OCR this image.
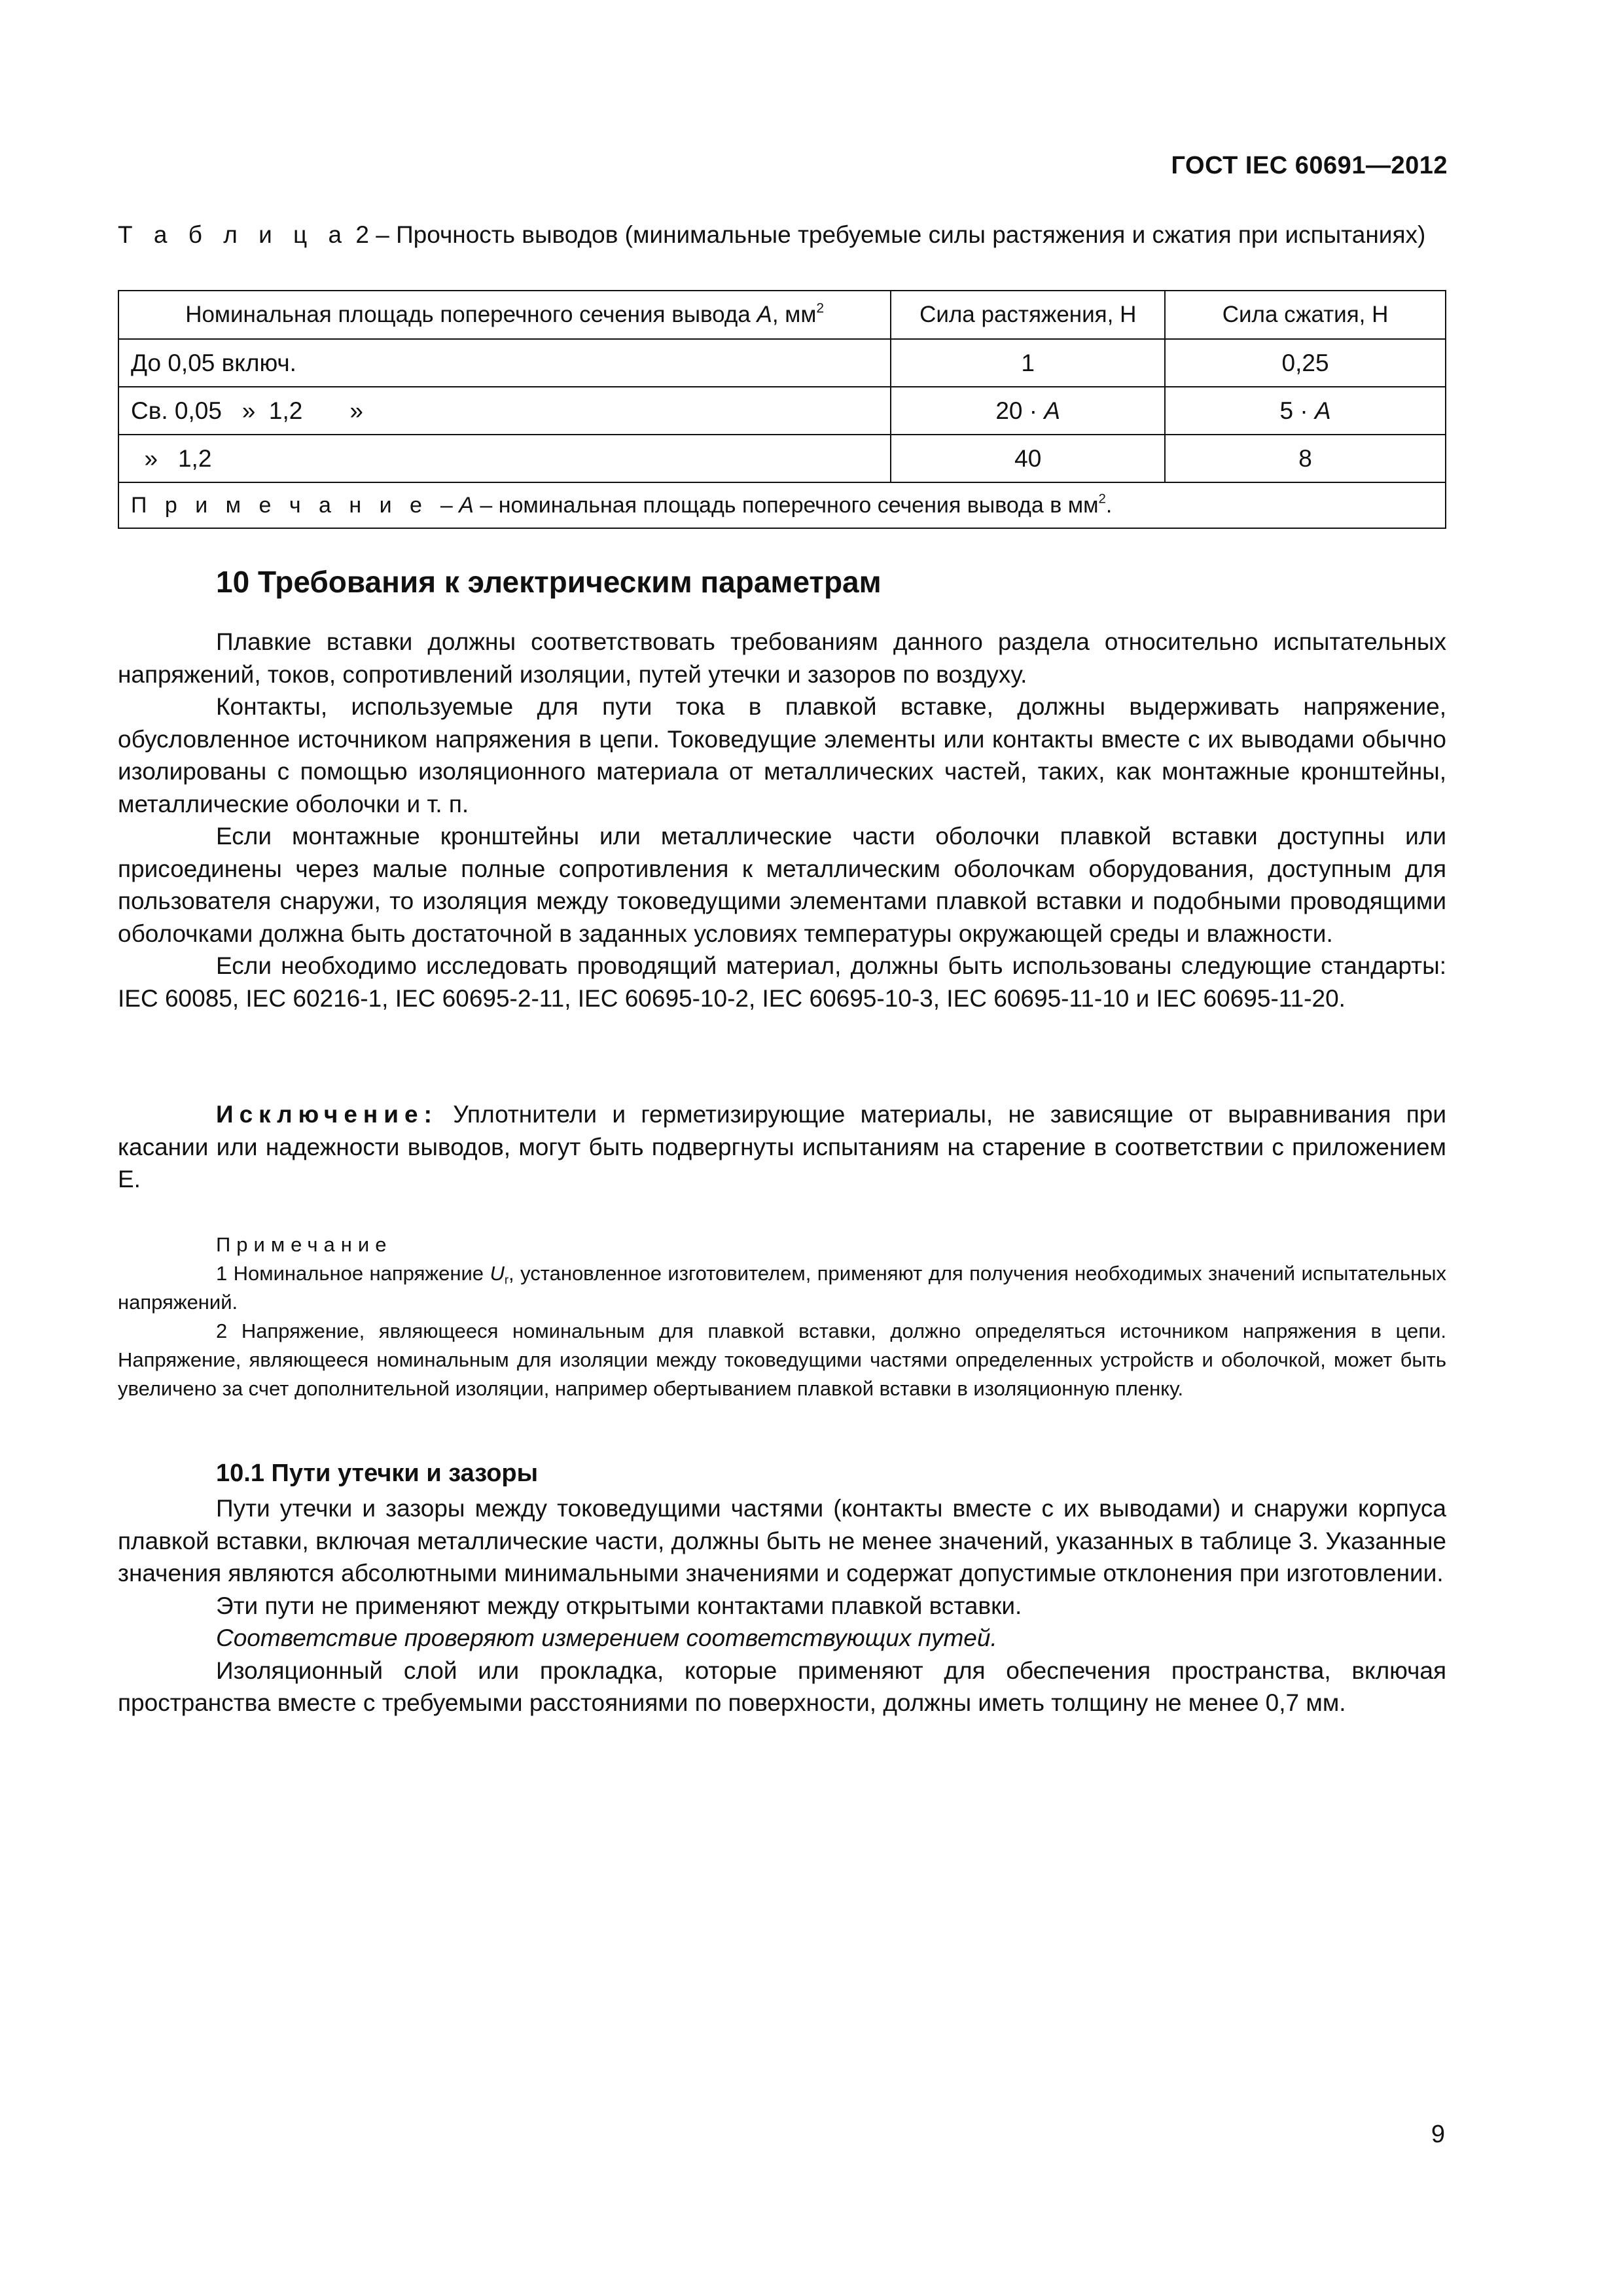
ГОСТ IEC 60691—2012
Т а б л и ц а 2 – Прочность выводов (минимальные требуемые силы растяжения и сжатия при испытаниях)
Номинальная площадь поперечного сечения вывода А, $мм^2$	Сила растяжения, Н	Сила сжатия, Н
До 0,05 включ.	1	0,25
Св. 0,05   »  1,2       »	20 · А	5 · А
»   1,2	40	8
П р и м е ч а н и е  – А – номинальная площадь поперечного сечения вывода в $мм^2$.		
10 Требования к электрическим параметрам

Плавкие вставки должны соответствовать требованиям данного раздела относительно испытательных напряжений, токов, сопротивлений изоляции, путей утечки и зазоров по воздуху.

Контакты, используемые для пути тока в плавкой вставке, должны выдерживать напряжение, обусловленное источником напряжения в цепи. Токоведущие элементы или контакты вместе с их выводами обычно изолированы с помощью изоляционного материала от металлических частей, таких, как монтажные кронштейны, металлические оболочки и т. п.

Если монтажные кронштейны или металлические части оболочки плавкой вставки доступны или присоединены через малые полные сопротивления к металлическим оболочкам оборудования, доступным для пользователя снаружи, то изоляция между токоведущими элементами плавкой вставки и подобными проводящими оболочками должна быть достаточной в заданных условиях температуры окружающей среды и влажности.

Если необходимо исследовать проводящий материал, должны быть использованы следующие стандарты: IEC 60085, IEC 60216-1, IEC 60695-2-11, IEC 60695-10-2, IEC 60695-10-3, IEC 60695-11-10 и IEC 60695-11-20.

Исключение: Уплотнители и герметизирующие материалы, не зависящие от выравнивания при касании или надежности выводов, могут быть подвергнуты испытаниям на старение в соответствии с приложением Е.

Примечание

1 Номинальное напряжение $U_r$, установленное изготовителем, применяют для получения необходимых значений испытательных напряжений.

2 Напряжение, являющееся номинальным для плавкой вставки, должно определяться источником напряжения в цепи. Напряжение, являющееся номинальным для изоляции между токоведущими частями определенных устройств и оболочкой, может быть увеличено за счет дополнительной изоляции, например обертыванием плавкой вставки в изоляционную пленку.

10.1 Пути утечки и зазоры

Пути утечки и зазоры между токоведущими частями (контакты вместе с их выводами) и снаружи корпуса плавкой вставки, включая металлические части, должны быть не менее значений, указанных в таблице 3. Указанные значения являются абсолютными минимальными значениями и содержат допустимые отклонения при изготовлении.

Эти пути не применяют между открытыми контактами плавкой вставки.

Соответствие проверяют измерением соответствующих путей.

Изоляционный слой или прокладка, которые применяют для обеспечения пространства, включая пространства вместе с требуемыми расстояниями по поверхности, должны иметь толщину не менее 0,7 мм.

9
